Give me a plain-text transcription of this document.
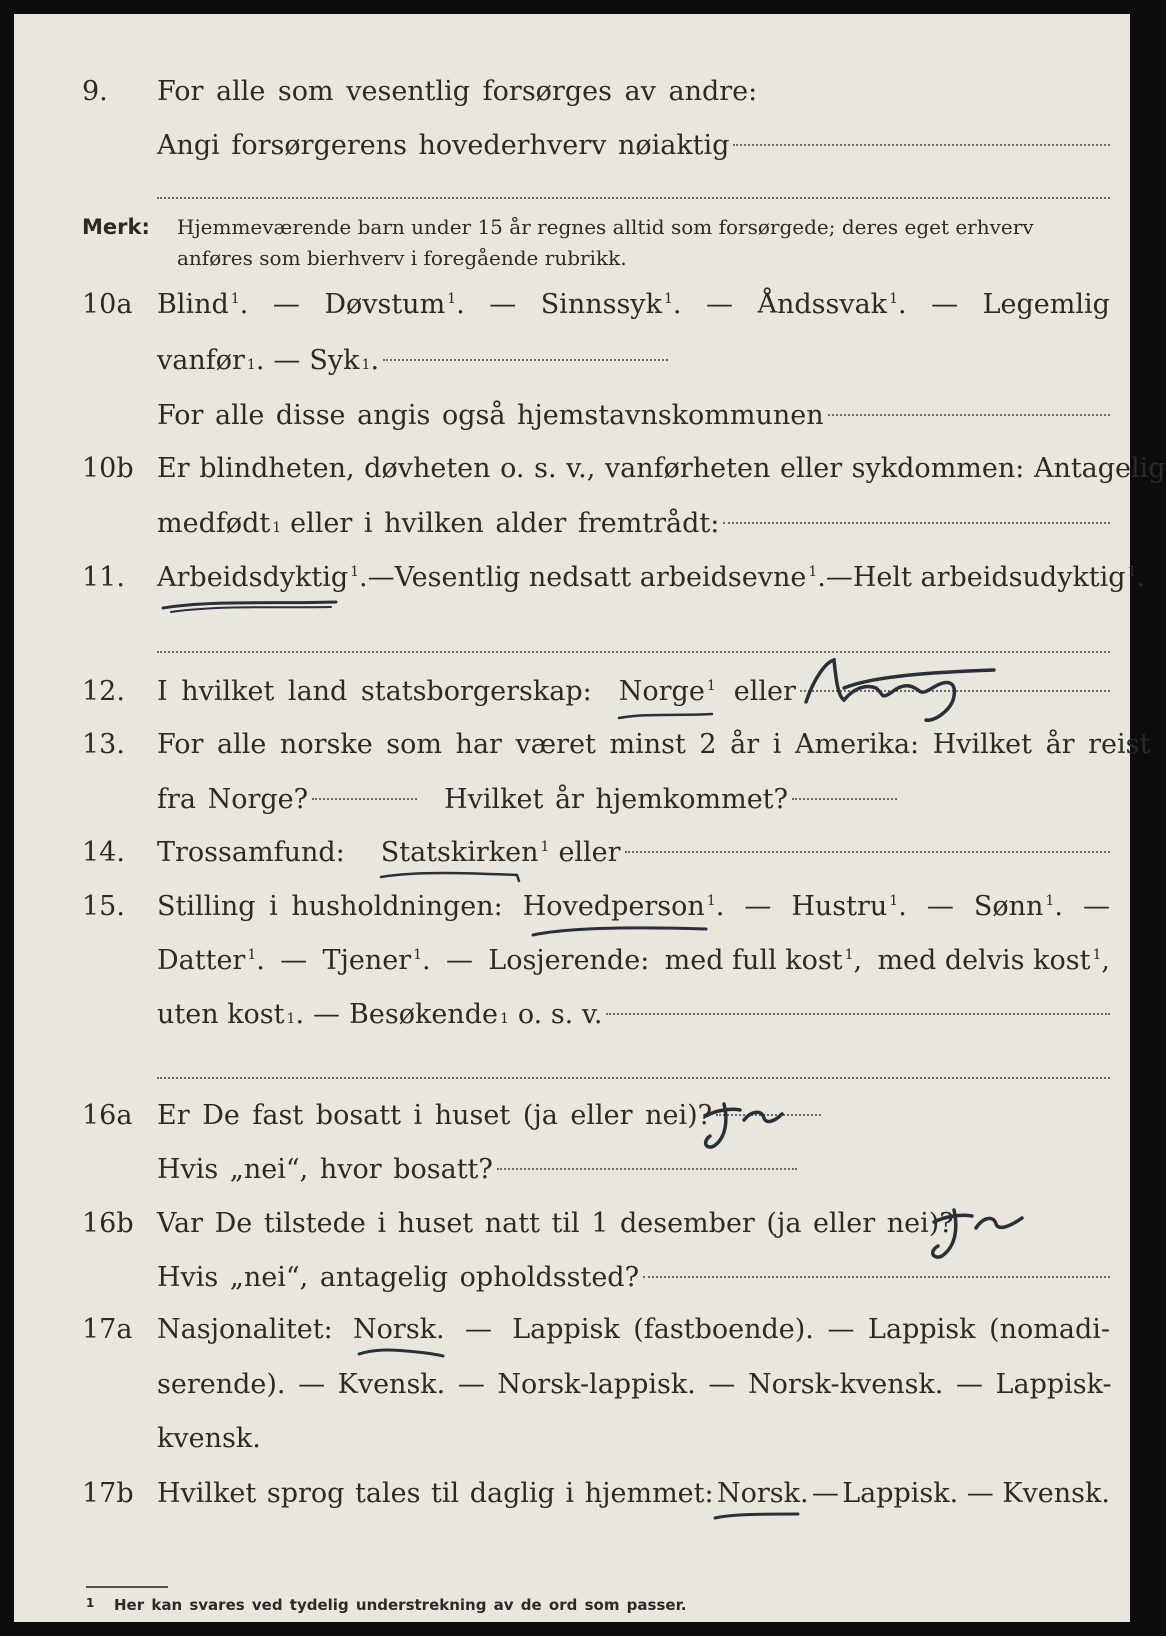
9. For alle som vesentlig forsørges av andre:
Angi forsørgerens hovederhverv nøiaktig
Merk: Hjemmeværende barn under 15 år regnes alltid som forsørgede; deres eget erhverv
anføres som bierhverv i foregående rubrikk.
10a Blind $^1$. — Døvstum $^1$. — Sinnssyk $^1$. — Åndssvak $^1$. — Legemlig
vanfør 1 . — Syk 1 .
For alle disse angis også hjemstavnskommunen
10b Er blindheten, døvheten o. s. v., vanførheten eller sykdommen: Antagelig
medfødt 1 eller i hvilken alder fremtrådt:
11. Arbeidsdyktig $^1$. — Vesentlig nedsatt arbeidsevne $^1$. — Helt arbeidsudyktig $^1$.
12. I hvilket land statsborgerskap: Norge $^1$ eller
13. For alle norske som har været minst 2 år i Amerika: Hvilket år reist
fra Norge?	Hvilket år hjemkommet?
14. Trossamfund: Statskirken $^1$ eller
15. Stilling i husholdningen: Hovedperson $^1$. — Hustru $^1$. — Sønn $^1$. —
Datter $^1$. — Tjener $^1$. — Losjerende: med full kost $^1$, med delvis kost $^1$,
uten kost 1 . — Besøkende 1 o. s. v.
16a Er De fast bosatt i huset (ja eller nei)?
Hvis „nei“, hvor bosatt?
16b Var De tilstede i huset natt til 1 desember (ja eller nei)?
Hvis „nei“, antagelig opholdssted?
17a Nasjonalitet: Norsk. — Lappisk (fastboende). — Lappisk (nomadi-
serende). — Kvensk. — Norsk-lappisk. — Norsk-kvensk. — Lappisk-
kvensk.
17b Hvilket sprog tales til daglig i hjemmet: Norsk. — Lappisk. — Kvensk.
1 Her kan svares ved tydelig understrekning av de ord som passer.
